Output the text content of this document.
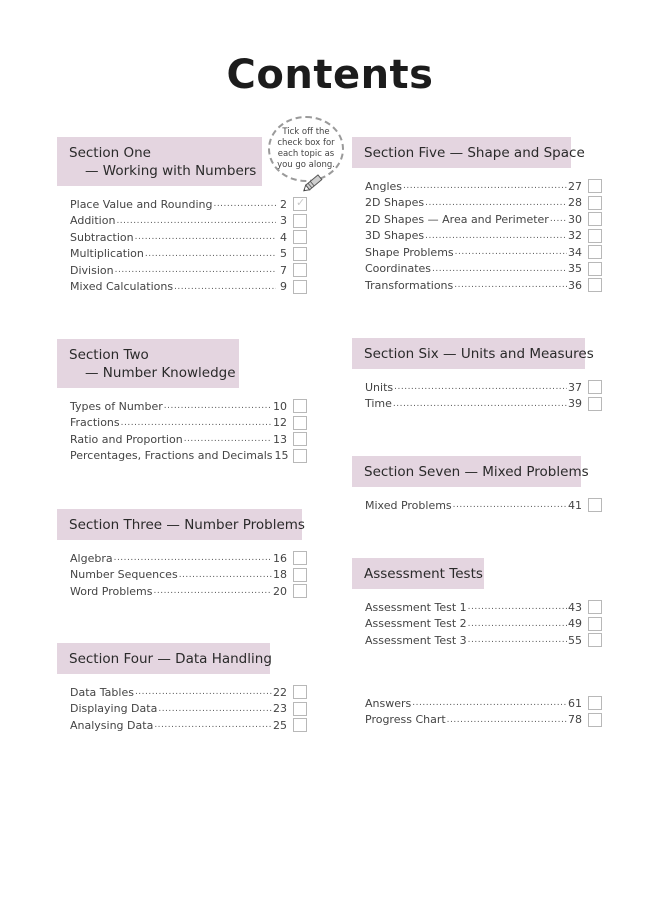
Contents
Tick off the check box for each topic as you go along.
Section One
— Working with Numbers
Place Value and Rounding .....	2
✓
Addition .....	3
Subtraction .....	4
Multiplication .....	5
Division .....	7
Mixed Calculations .....	9
Section Two
— Number Knowledge
Types of Number .....	10
Fractions .....	12
Ratio and Proportion .....	13
Percentages, Fractions and Decimals 15
Section Three — Number Problems
Algebra .....	16
Number Sequences .....	18
Word Problems .....	20
Section Four — Data Handling
Data Tables .....	22
Displaying Data .....	23
Analysing Data .....	25
Section Five — Shape and Space
Angles .....	27
2D Shapes .....	28
2D Shapes — Area and Perimeter ..... 30
3D Shapes .....	32
Shape Problems .....	34
Coordinates .....	35
Transformations .....	36
Section Six — Units and Measures
Units .....	37
Time .....	39
Section Seven — Mixed Problems
Mixed Problems .....	41
Assessment Tests
Assessment Test 1 .....	43
Assessment Test 2 .....	49
Assessment Test 3 .....	55
Answers .....	61
Progress Chart .....	78
